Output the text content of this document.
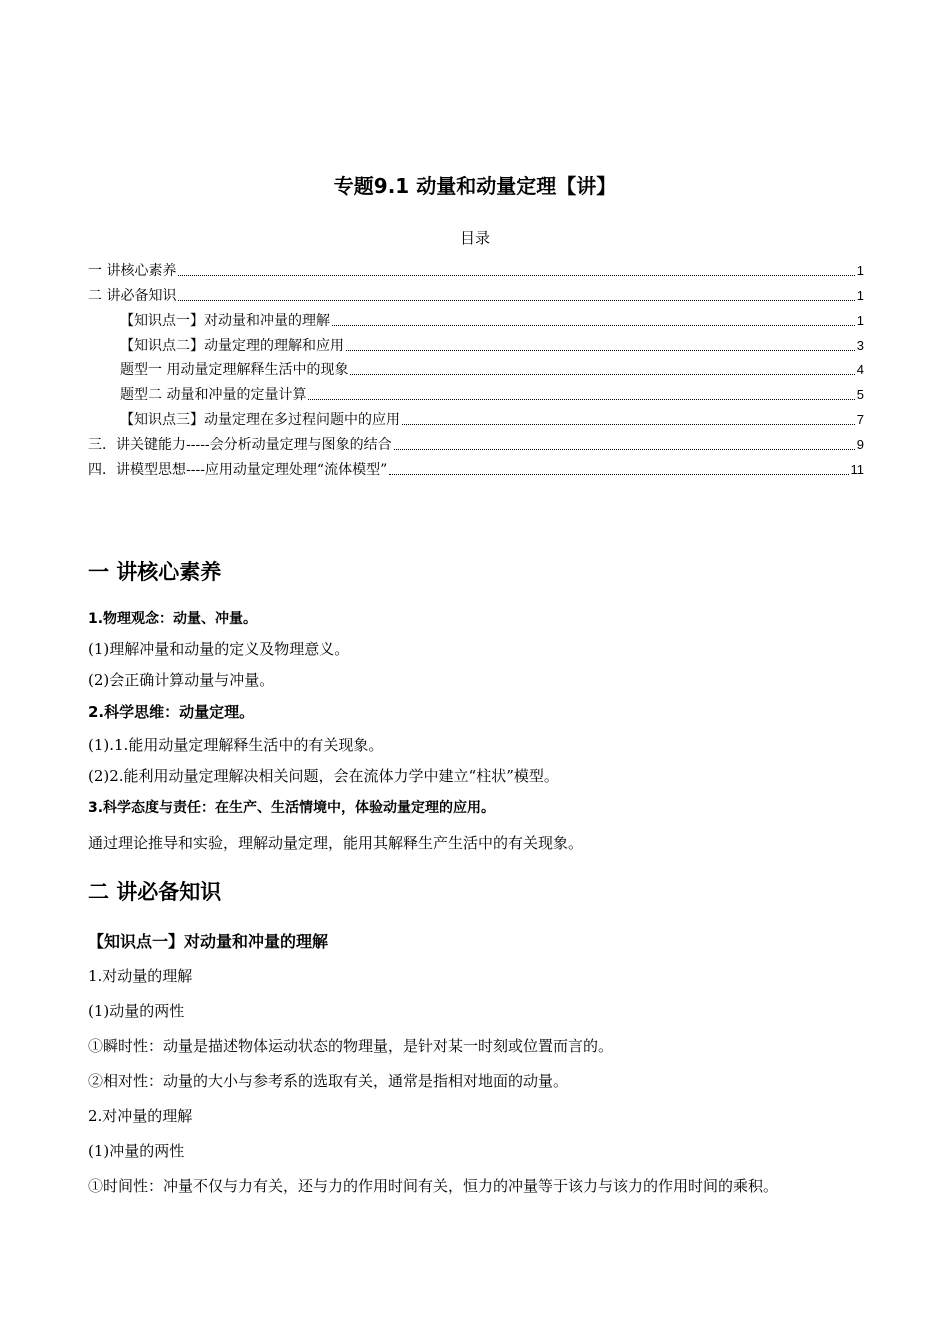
专题9.1 动量和动量定理【讲】
目录
一 讲核心素养	1
二 讲必备知识	1
【知识点一】对动量和冲量的理解	1
【知识点二】动量定理的理解和应用	3
题型一 用动量定理解释生活中的现象	4
题型二 动量和冲量的定量计算	5
【知识点三】动量定理在多过程问题中的应用	7
三．讲关键能力-----会分析动量定理与图象的结合	9
四．讲模型思想----应用动量定理处理“流体模型”	11
一 讲核心素养
1.物理观念：动量、冲量。
(1)理解冲量和动量的定义及物理意义。
(2)会正确计算动量与冲量。
2.科学思维：动量定理。
(1).1.能用动量定理解释生活中的有关现象。
(2)2.能利用动量定理解决相关问题，会在流体力学中建立“柱状”模型。
3.科学态度与责任：在生产、生活情境中，体验动量定理的应用。
通过理论推导和实验，理解动量定理，能用其解释生产生活中的有关现象。
二 讲必备知识
【知识点一】对动量和冲量的理解
1.对动量的理解
(1)动量的两性
①瞬时性：动量是描述物体运动状态的物理量，是针对某一时刻或位置而言的。
②相对性：动量的大小与参考系的选取有关，通常是指相对地面的动量。
2.对冲量的理解
(1)冲量的两性
①时间性：冲量不仅与力有关，还与力的作用时间有关，恒力的冲量等于该力与该力的作用时间的乘积。
